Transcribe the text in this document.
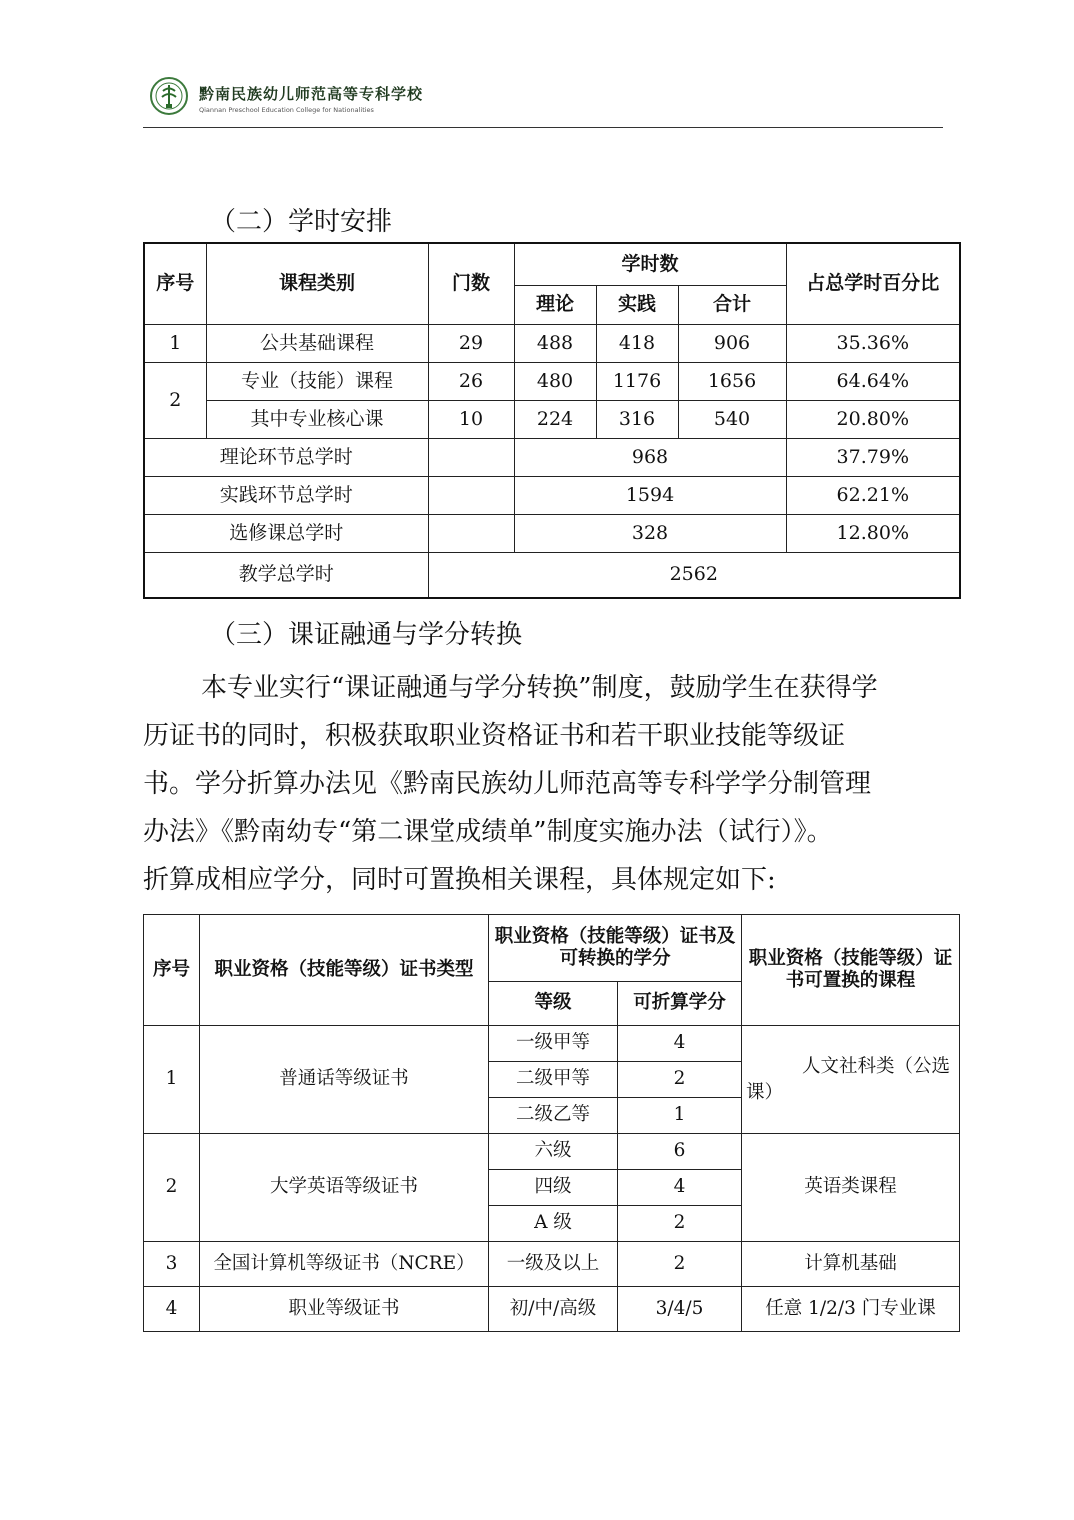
黔南民族幼儿师范高等专科学校
Qiannan Preschool Education College for Nationalities
（二）学时安排
序号	课程类别	门数	学时数			占总学时百分比
			理论	实践	合计	
1	公共基础课程	29	488	418	906	35.36%
2	专业（技能）课程	26	480	1176	1656	64.64%
	其中专业核心课	10	224	316	540	20.80%
理论环节总学时			968			37.79%
实践环节总学时			1594			62.21%
选修课总学时			328			12.80%
教学总学时		2562				
（三）课证融通与学分转换

本专业实行“课证融通与学分转换”制度，鼓励学生在获得学

历证书的同时，积极获取职业资格证书和若干职业技能等级证

书。学分折算办法见《黔南民族幼儿师范高等专科学学分制管理

办法》《黔南幼专“第二课堂成绩单”制度实施办法（试行）》。

折算成相应学分，同时可置换相关课程，具体规定如下:

序号	职业资格（技能等级）证书类型	职业资格（技能等级）证书及可转换的学分		职业资格（技能等级）证书可置换的课程
		等级	可折算学分	
1	普通话等级证书	一级甲等	4	人文社科类（公选课）

		二级甲等	2	
		二级乙等	1	
2	大学英语等级证书	六级	6	英语类课程
		四级	4	
		A 级	2	
3	全国计算机等级证书（NCRE）	一级及以上	2	计算机基础
4	职业等级证书	初/中/高级	3/4/5	任意 1/2/3 门专业课
